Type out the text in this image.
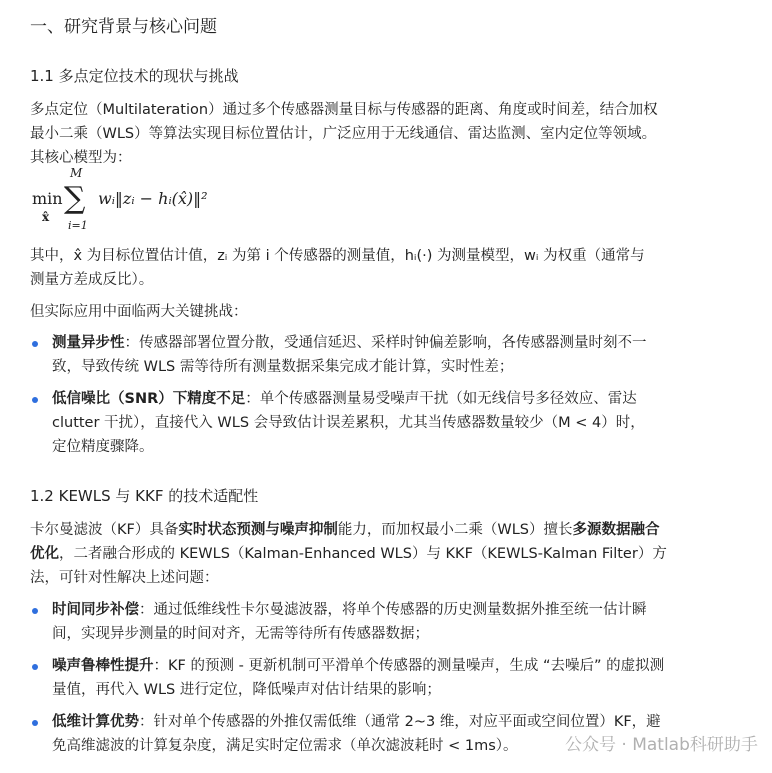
一、研究背景与核心问题
1.1 多点定位技术的现状与挑战
多点定位（Multilateration）通过多个传感器测量目标与传感器的距离、角度或时间差，结合加权
最小二乘（WLS）等算法实现目标位置估计，广泛应用于无线通信、雷达监测、室内定位等领域。
其核心模型为：
min
x̂
M
∑
i=1
wᵢ‖zᵢ − hᵢ(x̂)‖²
其中，x̂ 为目标位置估计值，zᵢ 为第 i 个传感器的测量值，hᵢ(·) 为测量模型，wᵢ 为权重（通常与
测量方差成反比）。
但实际应用中面临两大关键挑战：
测量异步性：传感器部署位置分散，受通信延迟、采样时钟偏差影响，各传感器测量时刻不一
致，导致传统 WLS 需等待所有测量数据采集完成才能计算，实时性差；
低信噪比（SNR）下精度不足：单个传感器测量易受噪声干扰（如无线信号多径效应、雷达
clutter 干扰），直接代入 WLS 会导致估计误差累积，尤其当传感器数量较少（M < 4）时，
定位精度骤降。
1.2 KEWLS 与 KKF 的技术适配性
卡尔曼滤波（KF）具备实时状态预测与噪声抑制能力，而加权最小二乘（WLS）擅长多源数据融合
优化，二者融合形成的 KEWLS（Kalman-Enhanced WLS）与 KKF（KEWLS-Kalman Filter）方
法，可针对性解决上述问题：
时间同步补偿：通过低维线性卡尔曼滤波器，将单个传感器的历史测量数据外推至统一估计瞬
间，实现异步测量的时间对齐，无需等待所有传感器数据；
噪声鲁棒性提升：KF 的预测 - 更新机制可平滑单个传感器的测量噪声，生成 “去噪后” 的虚拟测
量值，再代入 WLS 进行定位，降低噪声对估计结果的影响；
低维计算优势：针对单个传感器的外推仅需低维（通常 2~3 维，对应平面或空间位置）KF，避
免高维滤波的计算复杂度，满足实时定位需求（单次滤波耗时 < 1ms）。	公众号 · Matlab科研助手
